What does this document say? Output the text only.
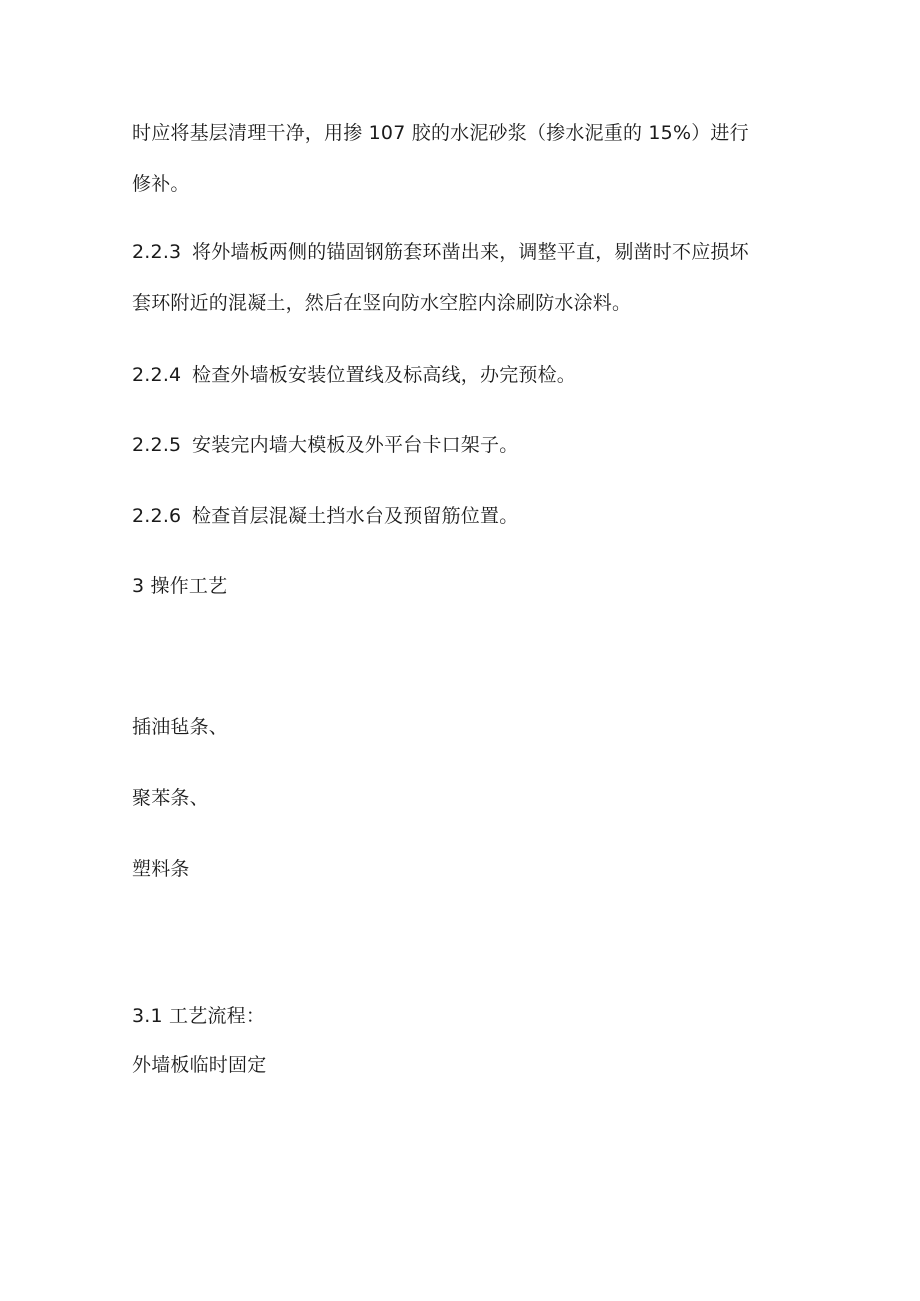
时应将基层清理干净，用掺 107 胶的水泥砂浆（掺水泥重的 15%）进行
修补。
2.2.3 将外墙板两侧的锚固钢筋套环凿出来，调整平直，剔凿时不应损坏
套环附近的混凝土，然后在竖向防水空腔内涂刷防水涂料。
2.2.4 检查外墙板安装位置线及标高线，办完预检。
2.2.5 安装完内墙大模板及外平台卡口架子。
2.2.6 检查首层混凝土挡水台及预留筋位置。
3 操作工艺
插油毡条、
聚苯条、
塑料条
3.1 工艺流程：
外墙板临时固定
